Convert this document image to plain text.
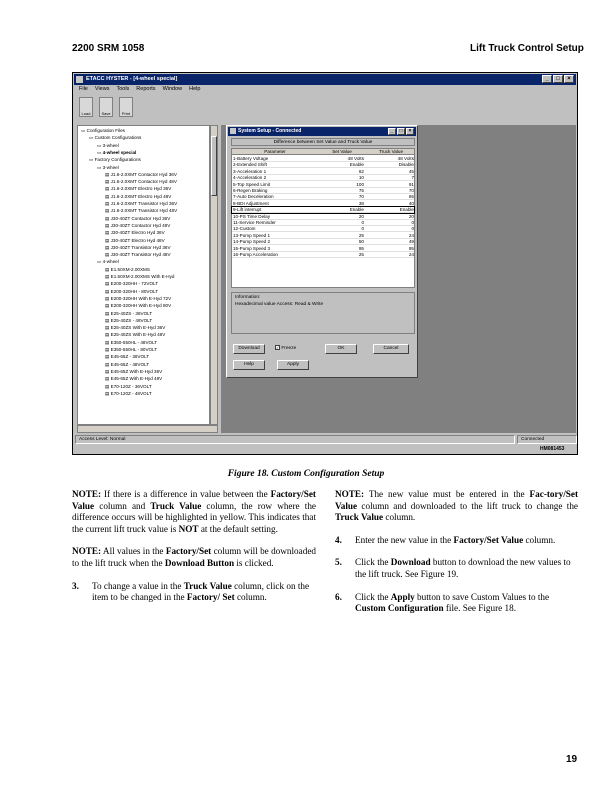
2200 SRM 1058	Lift Truck Control Setup
ETACC HYSTER - [4-wheel special]	_	□	×
File Views Tools Reports Window Help
Load	Save	Print
▭ Configuration Files
▭ Custom Configurations
▭ 3-wheel
▭ 4-wheel special
▭ Factory Configurations
▭ 3-wheel
▤ J1.6-2.0XMT Contactor Hyd 36V
▤ J1.6-2.0XMT Contactor Hyd 48V
▤ J1.6-2.0XMT Electro Hyd 36V
▤ J1.6-2.0XMT Electro Hyd 48V
▤ J1.6-2.0XMT Transistor Hyd 36V
▤ J1.6-2.0XMT Transistor Hyd 48V
▤ J30-40ZT Contactor Hyd 36V
▤ J30-40ZT Contactor Hyd 48V
▤ J30-40ZT Electro Hyd 36V
▤ J30-40ZT Electro Hyd 48V
▤ J30-40ZT Transistor Hyd 36V
▤ J30-40ZT Transistor Hyd 48V
▭ 4-wheel
▤ E1.50XM-2.00XMS
▤ E1.50XM-2.00XMS With E-Hyd
▤ E200-320HH - 72VOLT
▤ E200-320HH - 80VOLT
▤ E200-320HH With E-Hyd 72V
▤ E200-320HH With E-Hyd 80V
▤ E25-40ZS - 36VOLT
▤ E25-40ZS - 48VOLT
▤ E25-40ZS With E-Hyd 36V
▤ E25-40ZS With E-Hyd 48V
▤ E350-550HL - 48VOLT
▤ E350-550HL - 80VOLT
▤ E45-65Z - 36VOLT
▤ E45-65Z - 48VOLT
▤ E45-65Z With E-Hyd 36V
▤ E45-65Z With E-Hyd 48V
▤ E70-120Z - 36VOLT
▤ E70-120Z - 48VOLT
System Setup - Connected	_	□	×
Difference between Set Value and Truck Value
Parameter	Set Value	Truck Value
1-Battery Voltage	48 Volts	48 Volts
2-Extended Shift	Enable	Disable
3-Acceleration 1	62	45
4-Acceleration 2	10	7
5-Top Speed Limit	100	91
6-Regen Braking	75	70
7-Auto Deceleration	70	65
8-BDI Adjustment	38	40
9-Lift interrupt	Enable	Enable
10-PS Time Delay	20	20
11-Service Reminder	0	0
12-Custom	0	0
13-Pump Speed 1	25	24
14-Pump Speed 2	50	49
15-Pump Speed 3	95	95
16-Pump Acceleration	25	24
Information:
Hexadecimal value Access: Read & Write
Download	✓ Freeze	OK	Cancel
Help	Apply
Access Level: Normal	Connected
HM081453
Figure 18. Custom Configuration Setup

NOTE: If there is a difference in value between the Factory/Set Value column and Truck Value column, the row where the difference occurs will be highlighted in yellow. This indicates that the current lift truck value is NOT at the default setting.

NOTE: All values in the Factory/Set column will be downloaded to the lift truck when the Download Button is clicked.

3. To change a value in the Truck Value column, click on the item to be changed in the Factory/ Set column.

NOTE: The new value must be entered in the Fac-tory/Set Value column and downloaded to the lift truck to change the Truck Value column.

4. Enter the new value in the Factory/Set Value column.
5. Click the Download button to download the new values to the lift truck. See Figure 19.
6. Click the Apply button to save Custom Values to the Custom Configuration file. See Figure 18.
19
